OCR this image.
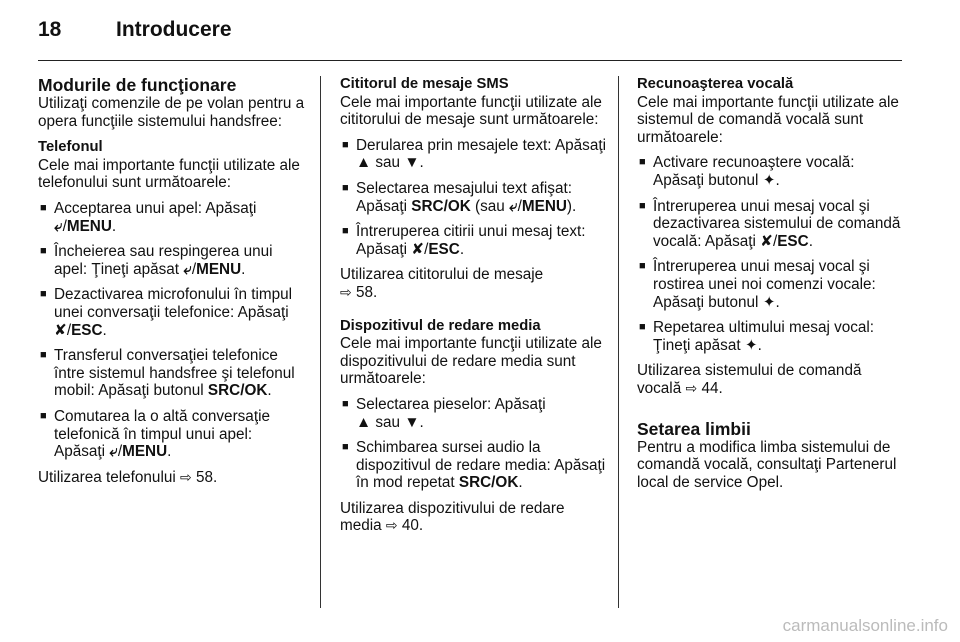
18	Introducere
Modurile de funcţionare

Utilizaţi comenzile de pe volan pentru a opera funcţiile sistemului handsfree:

Telefonul

Cele mai importante funcţii utilizate ale telefonului sunt următoarele:

■ Acceptarea unui apel: Apăsaţi ⤶/MENU.
■ Încheierea sau respingerea unui apel: Ţineţi apăsat ⤶/MENU.
■ Dezactivarea microfonului în timpul unei conversaţii telefonice: Apăsaţi ✘/ESC.
■ Transferul conversaţiei telefonice între sistemul handsfree şi telefonul mobil: Apăsaţi butonul SRC/OK.
■ Comutarea la o altă conversaţie telefonică în timpul unui apel: Apăsaţi ⤶/MENU.

Utilizarea telefonului ⇨ 58.

Cititorul de mesaje SMS

Cele mai importante funcţii utilizate ale cititorului de mesaje sunt următoarele:

■ Derularea prin mesajele text: Apăsaţi ▲ sau ▼.
■ Selectarea mesajului text afişat: Apăsaţi SRC/OK (sau ⤶/MENU).
■ Întreruperea citirii unui mesaj text: Apăsaţi ✘/ESC.

Utilizarea cititorului de mesaje
⇨ 58.

Dispozitivul de redare media

Cele mai importante funcţii utilizate ale dispozitivului de redare media sunt următoarele:

■ Selectarea pieselor: Apăsaţi
▲ sau ▼.
■ Schimbarea sursei audio la dispozitivul de redare media: Apăsaţi în mod repetat SRC/OK.

Utilizarea dispozitivului de redare media ⇨ 40.

Recunoaşterea vocală

Cele mai importante funcţii utilizate ale sistemul de comandă vocală sunt următoarele:

■ Activare recunoaştere vocală: Apăsaţi butonul ✦.
■ Întreruperea unui mesaj vocal şi dezactivarea sistemului de comandă vocală: Apăsaţi ✘/ESC.
■ Întreruperea unui mesaj vocal şi rostirea unei noi comenzi vocale: Apăsaţi butonul ✦.
■ Repetarea ultimului mesaj vocal: Ţineţi apăsat ✦.

Utilizarea sistemului de comandă vocală ⇨ 44.

Setarea limbii

Pentru a modifica limba sistemului de comandă vocală, consultaţi Partenerul local de service Opel.

carmanualsonline.info
